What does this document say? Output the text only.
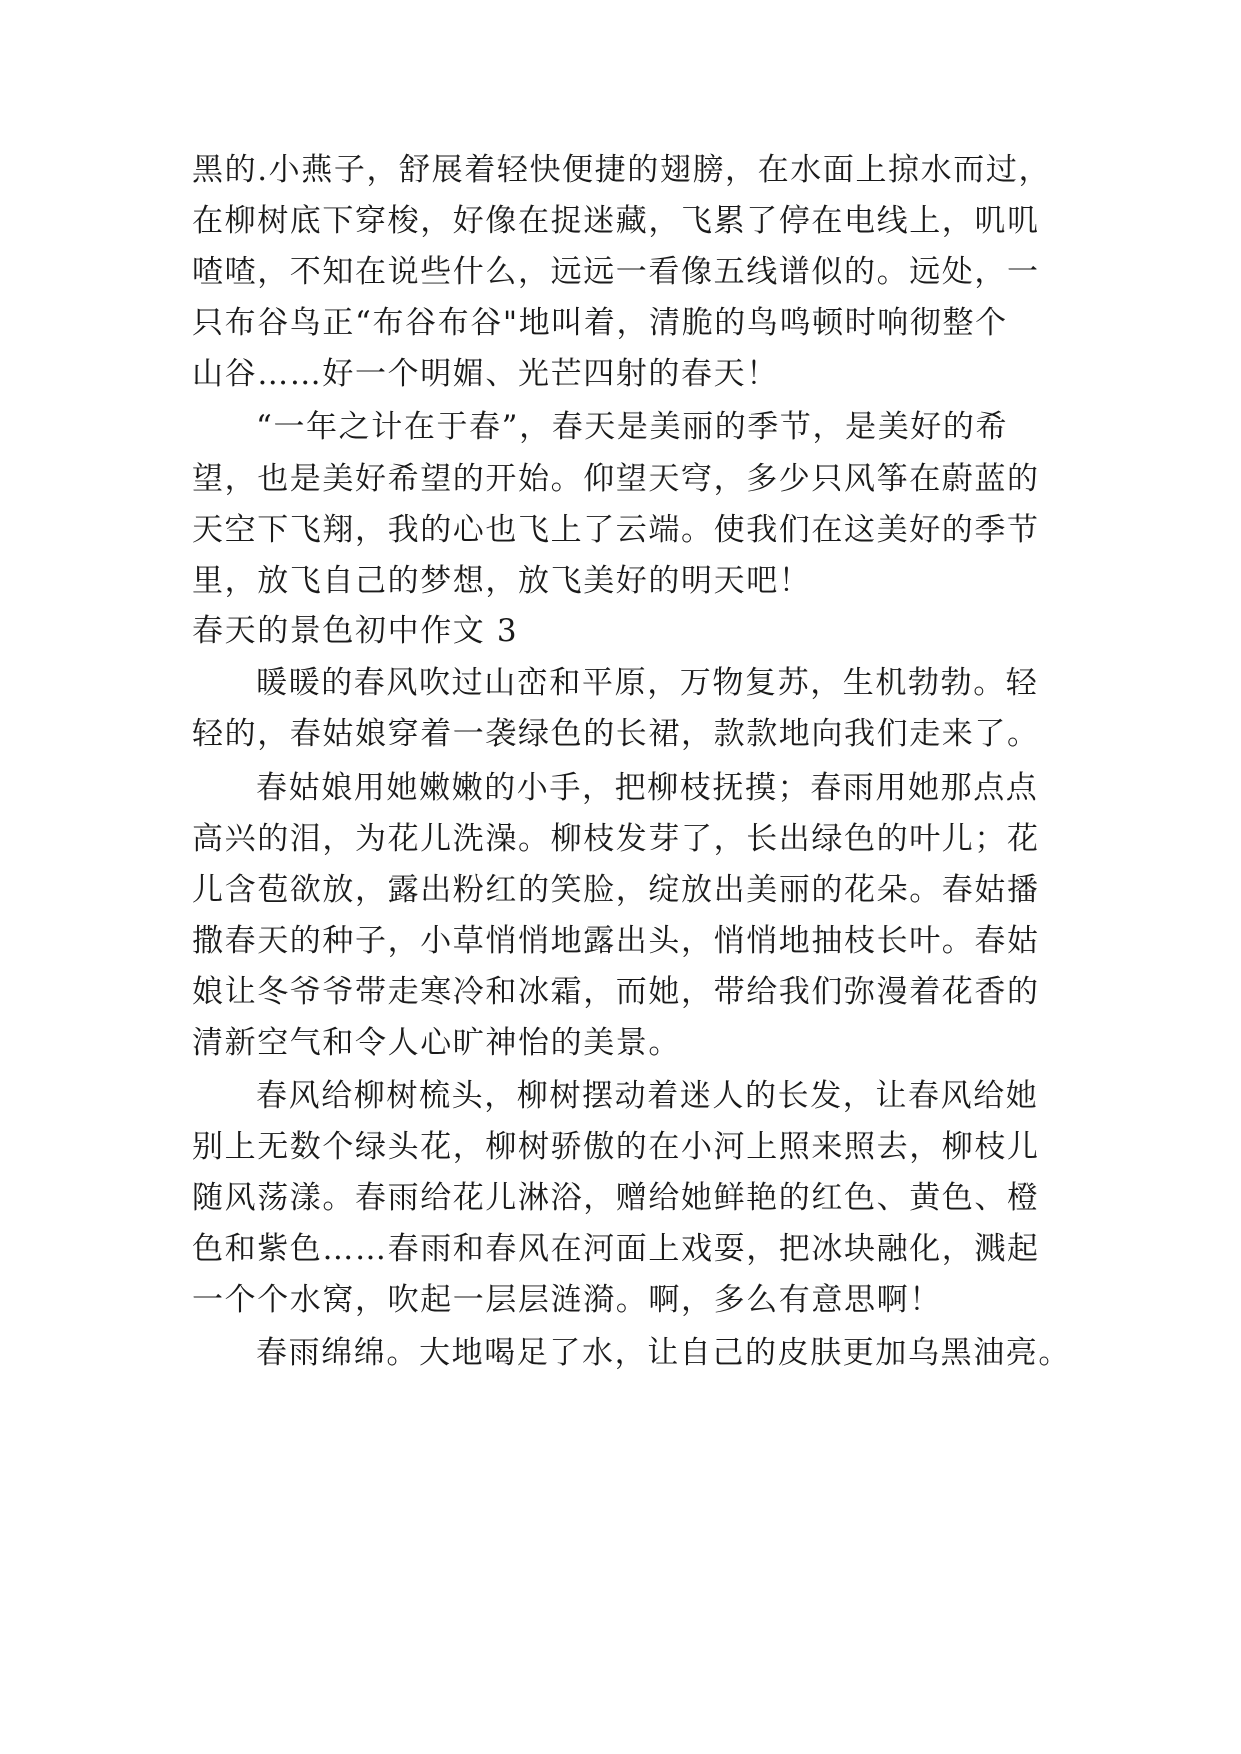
黑的.小燕子，舒展着轻快便捷的翅膀，在水面上掠水而过，
在柳树底下穿梭，好像在捉迷藏，飞累了停在电线上，叽叽
喳喳，不知在说些什么，远远一看像五线谱似的。远处，一
只布谷鸟正“布谷布谷"地叫着，清脆的鸟鸣顿时响彻整个
山谷……好一个明媚、光芒四射的春天！
“一年之计在于春”，春天是美丽的季节，是美好的希
望，也是美好希望的开始。仰望天穹，多少只风筝在蔚蓝的
天空下飞翔，我的心也飞上了云端。使我们在这美好的季节
里，放飞自己的梦想，放飞美好的明天吧！
春天的景色初中作文 3
暖暖的春风吹过山峦和平原，万物复苏，生机勃勃。轻
轻的，春姑娘穿着一袭绿色的长裙，款款地向我们走来了。
春姑娘用她嫩嫩的小手，把柳枝抚摸；春雨用她那点点
高兴的泪，为花儿洗澡。柳枝发芽了，长出绿色的叶儿；花
儿含苞欲放，露出粉红的笑脸，绽放出美丽的花朵。春姑播
撒春天的种子，小草悄悄地露出头，悄悄地抽枝长叶。春姑
娘让冬爷爷带走寒冷和冰霜，而她，带给我们弥漫着花香的
清新空气和令人心旷神怡的美景。
春风给柳树梳头，柳树摆动着迷人的长发，让春风给她
别上无数个绿头花，柳树骄傲的在小河上照来照去，柳枝儿
随风荡漾。春雨给花儿淋浴，赠给她鲜艳的红色、黄色、橙
色和紫色……春雨和春风在河面上戏耍，把冰块融化，溅起
一个个水窝，吹起一层层涟漪。啊，多么有意思啊！
春雨绵绵。大地喝足了水，让自己的皮肤更加乌黑油亮。
